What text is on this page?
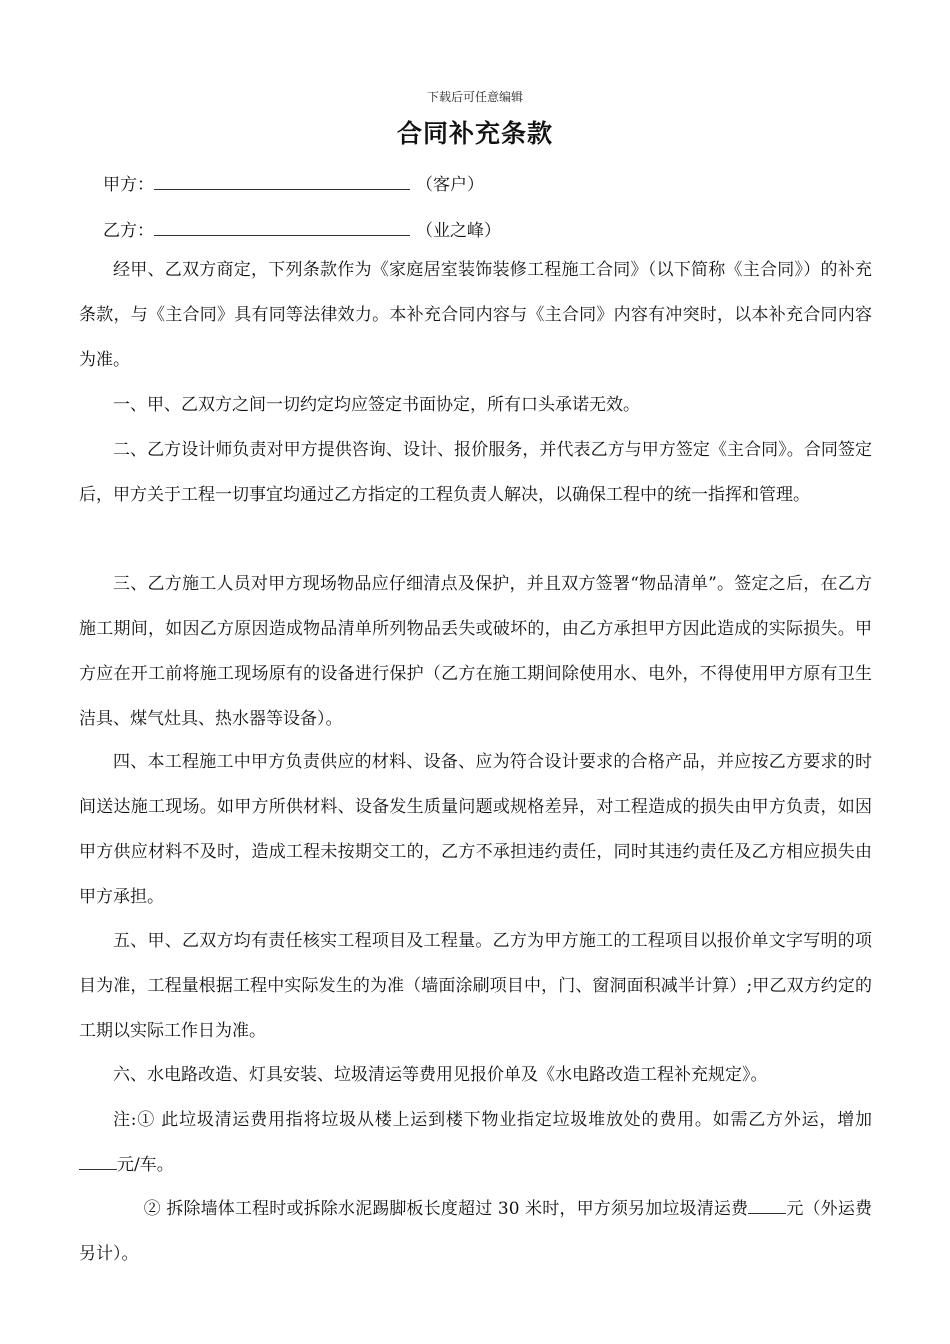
下载后可任意编辑
合同补充条款
甲方：	（客户）
乙方：	（业之峰）
经甲、乙双方商定，下列条款作为《家庭居室装饰装修工程施工合同》（以下简称《主合同》）的补充条款，与《主合同》具有同等法律效力。本补充合同内容与《主合同》内容有冲突时，以本补充合同内容为准。
一、甲、乙双方之间一切约定均应签定书面协定，所有口头承诺无效。
二、乙方设计师负责对甲方提供咨询、设计、报价服务，并代表乙方与甲方签定《主合同》。合同签定后，甲方关于工程一切事宜均通过乙方指定的工程负责人解决，以确保工程中的统一指挥和管理。
三、乙方施工人员对甲方现场物品应仔细清点及保护，并且双方签署“物品清单”。签定之后，在乙方施工期间，如因乙方原因造成物品清单所列物品丢失或破坏的，由乙方承担甲方因此造成的实际损失。甲方应在开工前将施工现场原有的设备进行保护（乙方在施工期间除使用水、电外，不得使用甲方原有卫生洁具、煤气灶具、热水器等设备）。
四、本工程施工中甲方负责供应的材料、设备、应为符合设计要求的合格产品，并应按乙方要求的时间送达施工现场。如甲方所供材料、设备发生质量问题或规格差异，对工程造成的损失由甲方负责，如因甲方供应材料不及时，造成工程未按期交工的，乙方不承担违约责任，同时其违约责任及乙方相应损失由甲方承担。
五、甲、乙双方均有责任核实工程项目及工程量。乙方为甲方施工的工程项目以报价单文字写明的项目为准，工程量根据工程中实际发生的为准（墙面涂刷项目中，门、窗洞面积减半计算）;甲乙双方约定的工期以实际工作日为准。
六、水电路改造、灯具安装、垃圾清运等费用见报价单及《水电路改造工程补充规定》。
注:① 此垃圾清运费用指将垃圾从楼上运到楼下物业指定垃圾堆放处的费用。如需乙方外运，增加元/车。
② 拆除墙体工程时或拆除水泥踢脚板长度超过 30 米时，甲方须另加垃圾清运费 元（外运费另计）。
